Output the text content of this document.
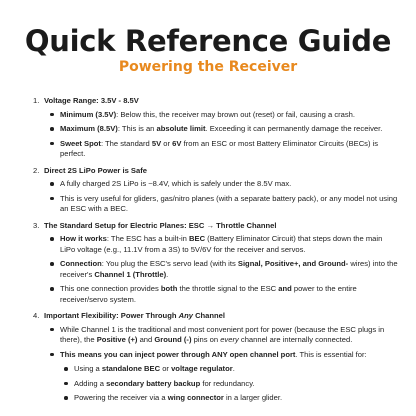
Quick Reference Guide
Powering the Receiver
1. Voltage Range: 3.5V - 8.5V
Minimum (3.5V): Below this, the receiver may brown out (reset) or fail, causing a crash.
Maximum (8.5V): This is an absolute limit. Exceeding it can permanently damage the receiver.
Sweet Spot: The standard 5V or 6V from an ESC or most Battery Eliminator Circuits (BECs) is perfect.
2. Direct 2S LiPo Power is Safe
A fully charged 2S LiPo is ~8.4V, which is safely under the 8.5V max.
This is very useful for gliders, gas/nitro planes (with a separate battery pack), or any model not using an ESC with a BEC.
3. The Standard Setup for Electric Planes: ESC → Throttle Channel
How it works: The ESC has a built-in BEC (Battery Eliminator Circuit) that steps down the main LiPo voltage (e.g., 11.1V from a 3S) to 5V/6V for the receiver and servos.
Connection: You plug the ESC's servo lead (with its Signal, Positive+, and Ground- wires) into the receiver's Channel 1 (Throttle).
This one connection provides both the throttle signal to the ESC and power to the entire receiver/servo system.
4. Important Flexibility: Power Through Any Channel
While Channel 1 is the traditional and most convenient port for power (because the ESC plugs in there), the Positive (+) and Ground (-) pins on every channel are internally connected.
This means you can inject power through ANY open channel port. This is essential for:
Using a standalone BEC or voltage regulator.
Adding a secondary battery backup for redundancy.
Powering the receiver via a wing connector in a larger glider.
